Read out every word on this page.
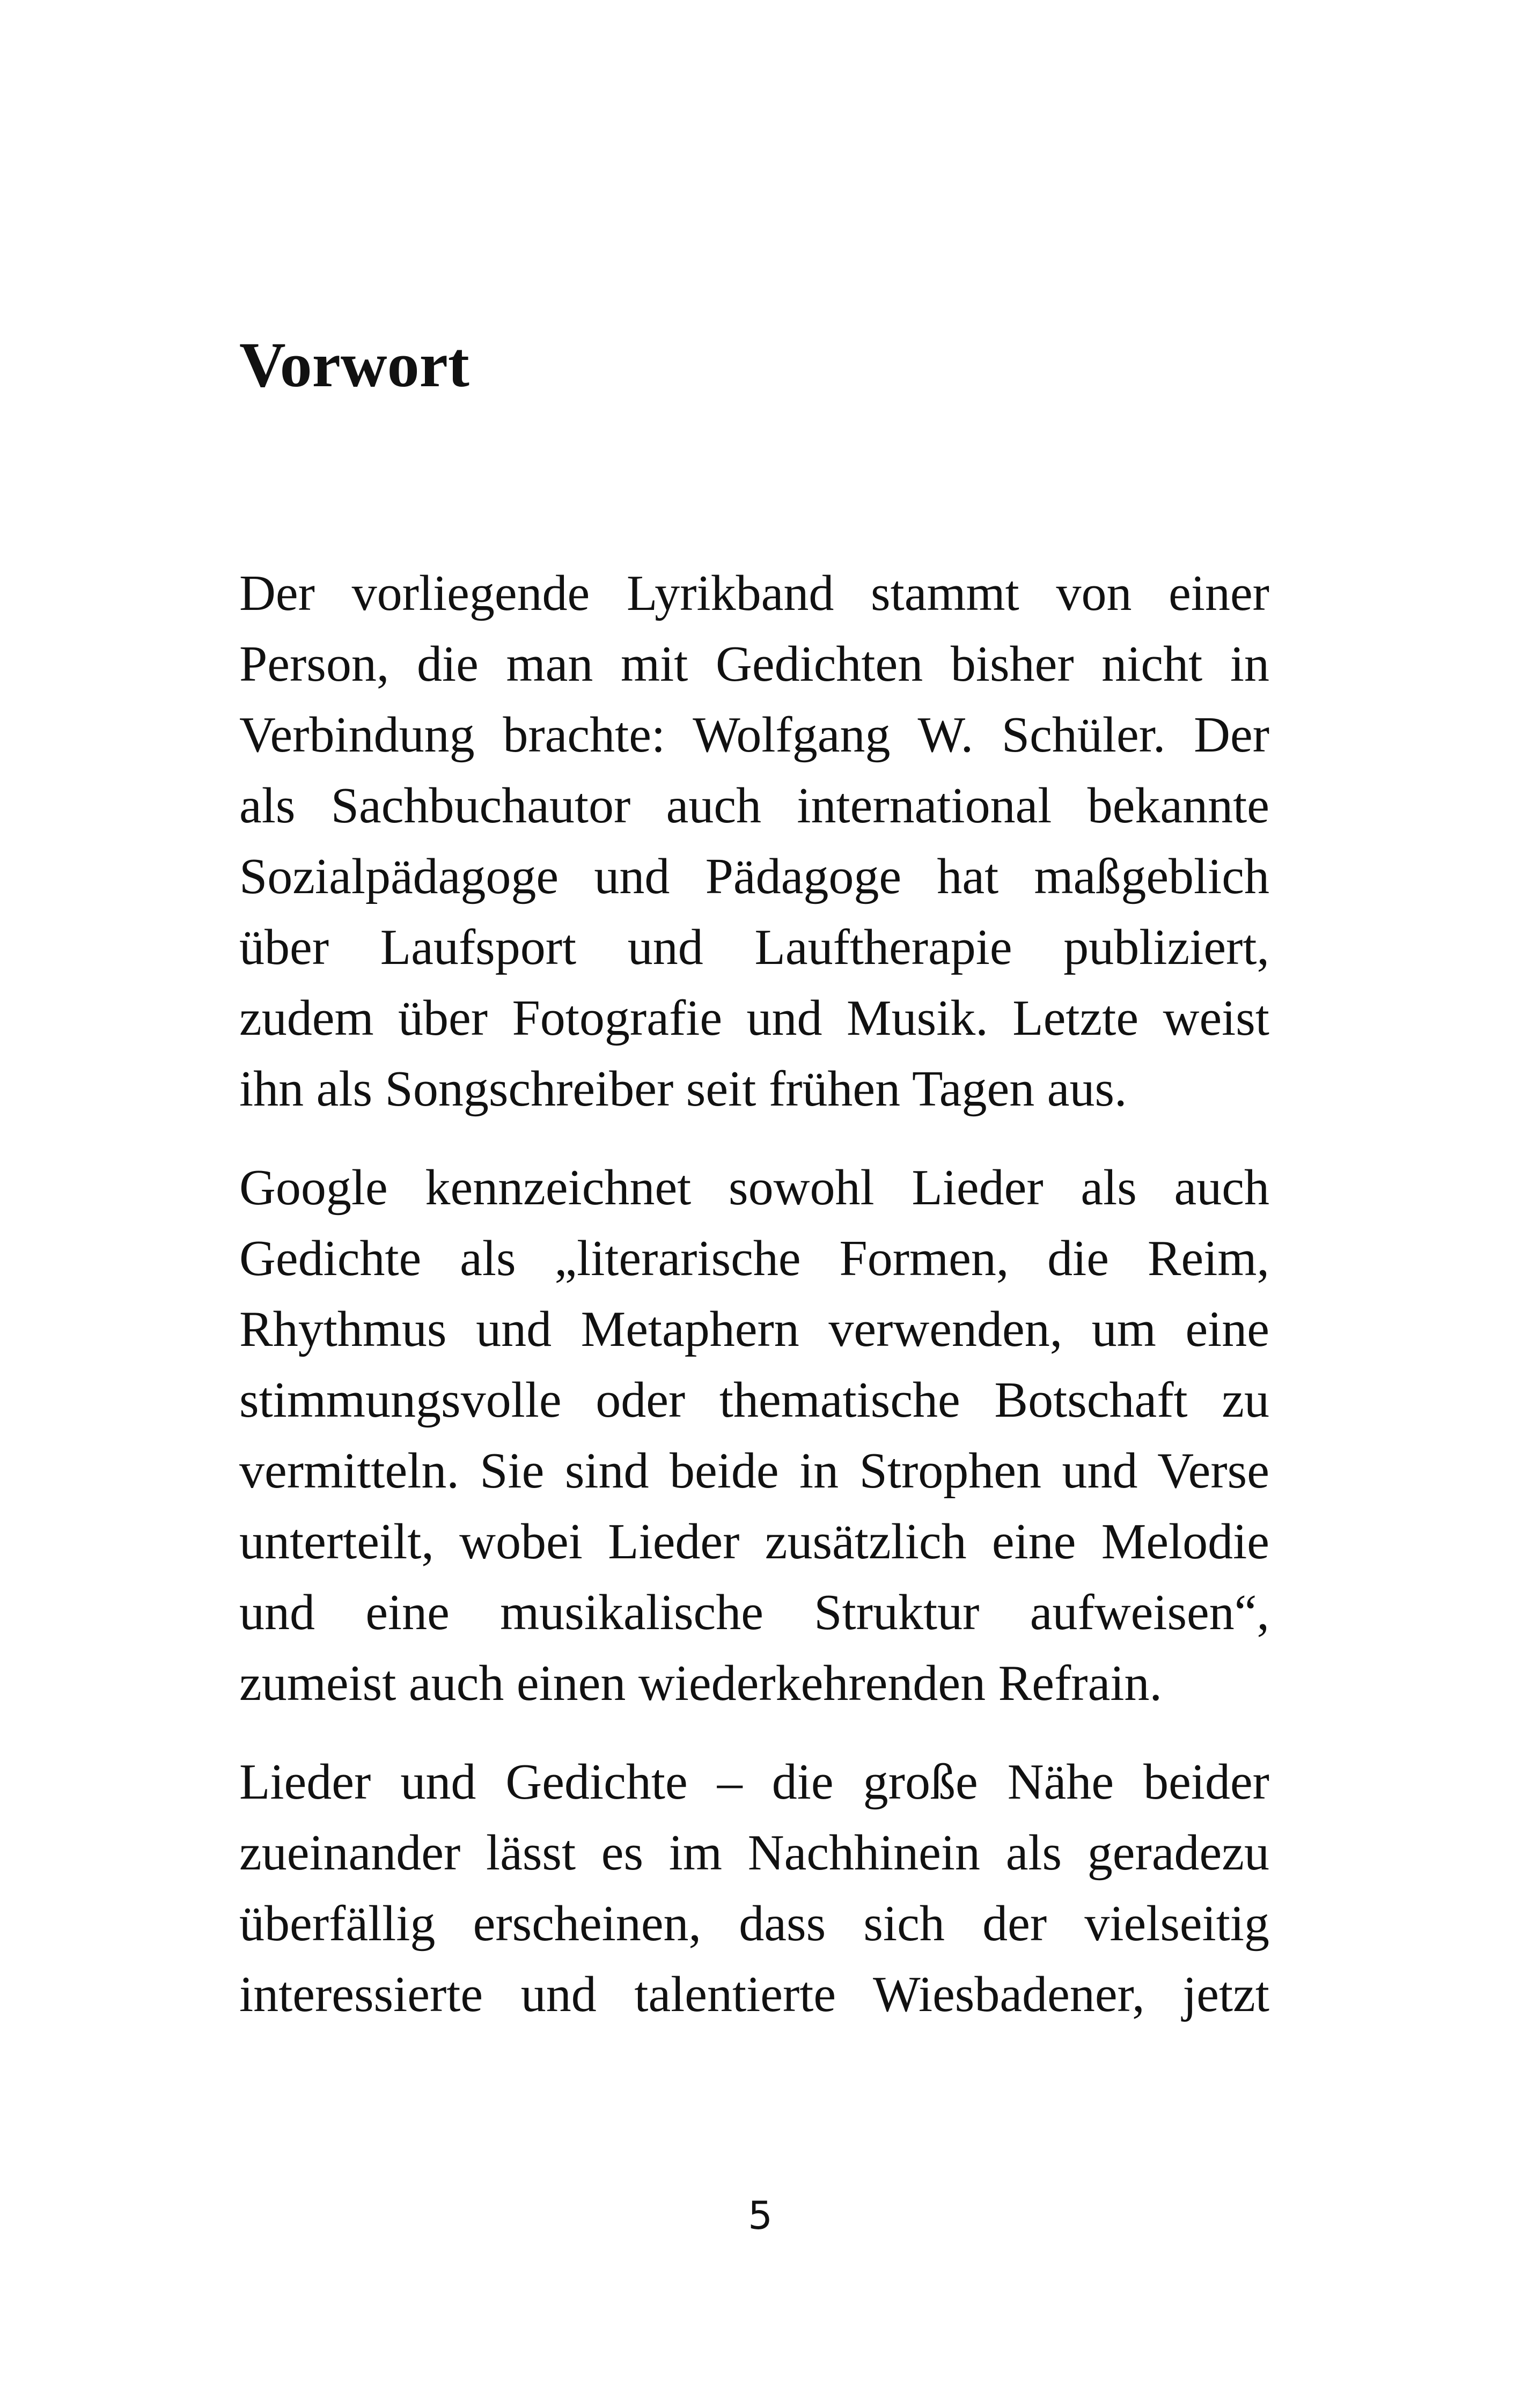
Vorwort

Der vorliegende Lyrikband stammt von einer
Person, die man mit Gedichten bisher nicht in
Verbindung brachte: Wolfgang W. Schüler. Der
als Sachbuchautor auch international bekannte
Sozialpädagoge und Pädagoge hat maßgeblich
über Laufsport und Lauftherapie publiziert,
zudem über Fotografie und Musik. Letzte weist
ihn als Songschreiber seit frühen Tagen aus.

Google kennzeichnet sowohl Lieder als auch
Gedichte als „literarische Formen, die Reim,
Rhythmus und Metaphern verwenden, um eine
stimmungsvolle oder thematische Botschaft zu
vermitteln. Sie sind beide in Strophen und Verse
unterteilt, wobei Lieder zusätzlich eine Melodie
und eine musikalische Struktur aufweisen“,
zumeist auch einen wiederkehrenden Refrain.

Lieder und Gedichte – die große Nähe beider
zueinander lässt es im Nachhinein als geradezu
überfällig erscheinen, dass sich der vielseitig
interessierte und talentierte Wiesbadener, jetzt

5
